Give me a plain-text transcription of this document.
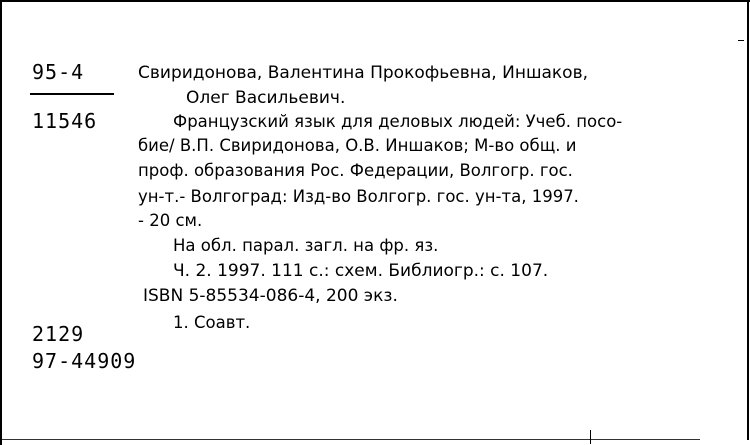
95-4
11546
2129
97-44909
Свиридонова, Валентина Прокофьевна, Иншаков,
Олег Васильевич.
Французский язык для деловых людей: Учеб. посо-
бие/ В.П. Свиридонова, О.В. Иншаков; М-во общ. и
проф. образования Рос. Федерации, Волгогр. гос.
ун-т.- Волгоград: Изд-во Волгогр. гос. ун-та, 1997.
- 20 см.
На обл. парал. загл. на фр. яз.
Ч. 2. 1997. 111 с.: схем. Библиогр.: с. 107.
ISBN 5-85534-086-4, 200 экз.
1. Соавт.
